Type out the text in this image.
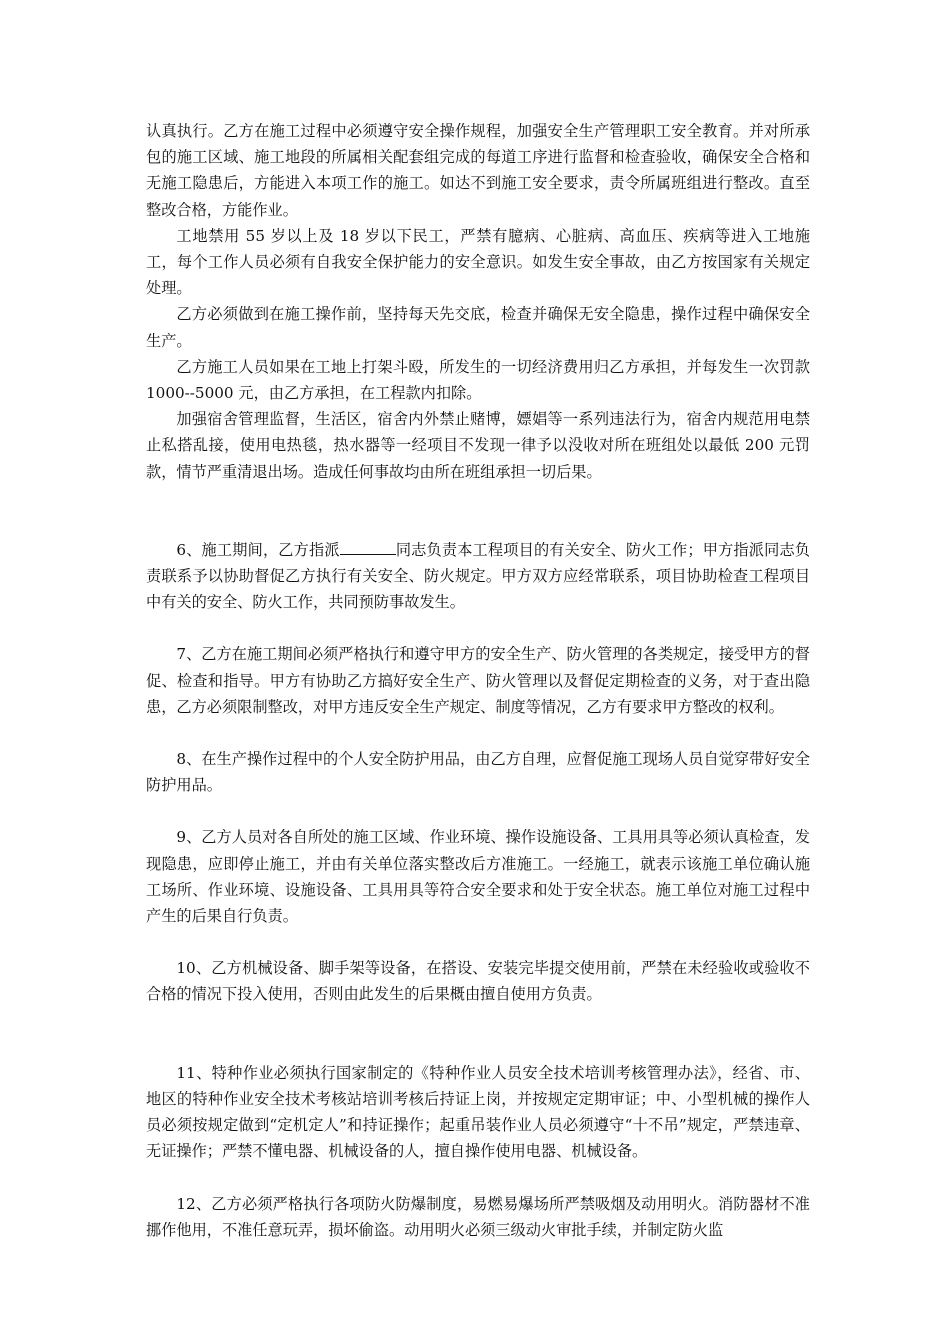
认真执行。乙方在施工过程中必须遵守安全操作规程，加强安全生产管理职工安全教育。并对所承包的施工区域、施工地段的所属相关配套组完成的每道工序进行监督和检查验收，确保安全合格和无施工隐患后，方能进入本项工作的施工。如达不到施工安全要求，责令所属班组进行整改。直至整改合格，方能作业。

工地禁用 55 岁以上及 18 岁以下民工，严禁有臆病、心脏病、高血压、疾病等进入工地施工，每个工作人员必须有自我安全保护能力的安全意识。如发生安全事故，由乙方按国家有关规定处理。

乙方必须做到在施工操作前，坚持每天先交底，检查并确保无安全隐患，操作过程中确保安全生产。

乙方施工人员如果在工地上打架斗殴，所发生的一切经济费用归乙方承担，并每发生一次罚款 1000--5000 元，由乙方承担，在工程款内扣除。

加强宿舍管理监督，生活区，宿舍内外禁止赌博，嫖娼等一系列违法行为，宿舍内规范用电禁止私搭乱接，使用电热毯，热水器等一经项目不发现一律予以没收对所在班组处以最低 200 元罚款，情节严重清退出场。造成任何事故均由所在班组承担一切后果。

6、施工期间，乙方指派	同志负责本工程项目的有关安全、防火工作；甲方指派同志负责联系予以协助督促乙方执行有关安全、防火规定。甲方双方应经常联系，项目协助检查工程项目中有关的安全、防火工作，共同预防事故发生。

7、乙方在施工期间必须严格执行和遵守甲方的安全生产、防火管理的各类规定，接受甲方的督促、检查和指导。甲方有协助乙方搞好安全生产、防火管理以及督促定期检查的义务，对于查出隐患，乙方必须限制整改，对甲方违反安全生产规定、制度等情况，乙方有要求甲方整改的权利。

8、在生产操作过程中的个人安全防护用品，由乙方自理，应督促施工现场人员自觉穿带好安全防护用品。

9、乙方人员对各自所处的施工区域、作业环境、操作设施设备、工具用具等必须认真检查，发现隐患，应即停止施工，并由有关单位落实整改后方准施工。一经施工，就表示该施工单位确认施工场所、作业环境、设施设备、工具用具等符合安全要求和处于安全状态。施工单位对施工过程中产生的后果自行负责。

10、乙方机械设备、脚手架等设备，在搭设、安装完毕提交使用前，严禁在未经验收或验收不合格的情况下投入使用，否则由此发生的后果概由擅自使用方负责。

11、特种作业必须执行国家制定的《特种作业人员安全技术培训考核管理办法》，经省、市、地区的特种作业安全技术考核站培训考核后持证上岗，并按规定定期审证；中、小型机械的操作人员必须按规定做到“定机定人”和持证操作；起重吊装作业人员必须遵守“十不吊”规定，严禁违章、无证操作；严禁不懂电器、机械设备的人，擅自操作使用电器、机械设备。

12、乙方必须严格执行各项防火防爆制度，易燃易爆场所严禁吸烟及动用明火。消防器材不准挪作他用，不准任意玩弄，损坏偷盗。动用明火必须三级动火审批手续，并制定防火监
